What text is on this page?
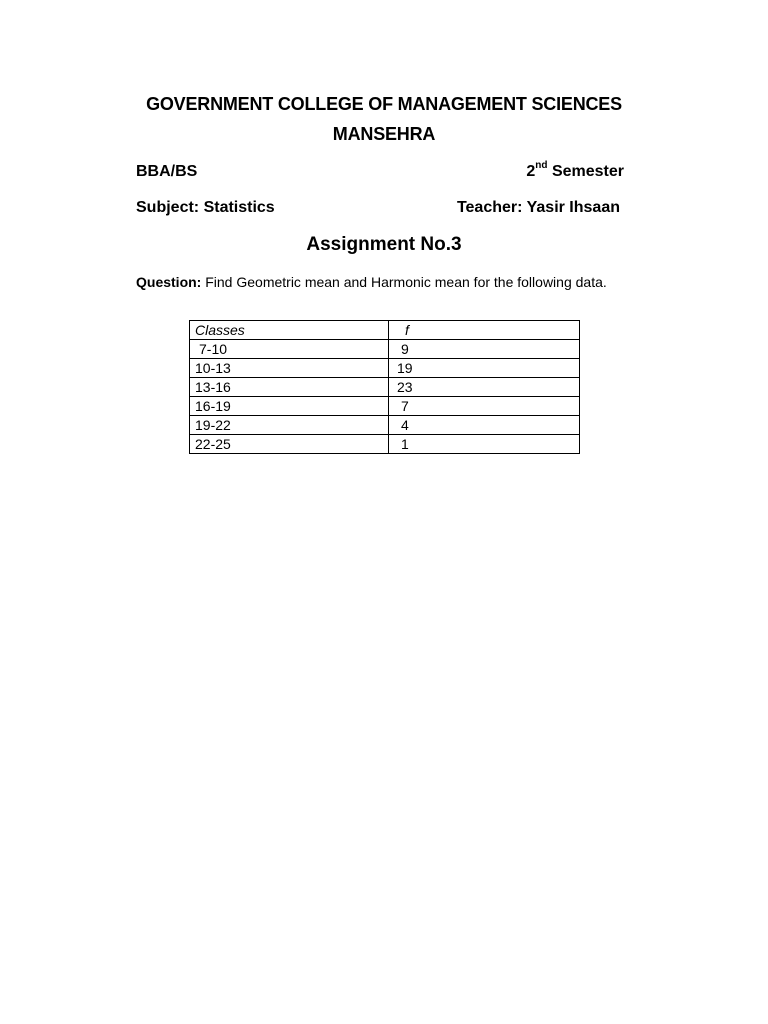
GOVERNMENT COLLEGE OF MANAGEMENT SCIENCES
MANSEHRA
BBA/BS	2nd Semester
Subject: Statistics	Teacher: Yasir Ihsaan
Assignment No.3
Question: Find Geometric mean and Harmonic mean for the following data.
Classes	f
7-10	9
10-13	19
13-16	23
16-19	7
19-22	4
22-25	1
